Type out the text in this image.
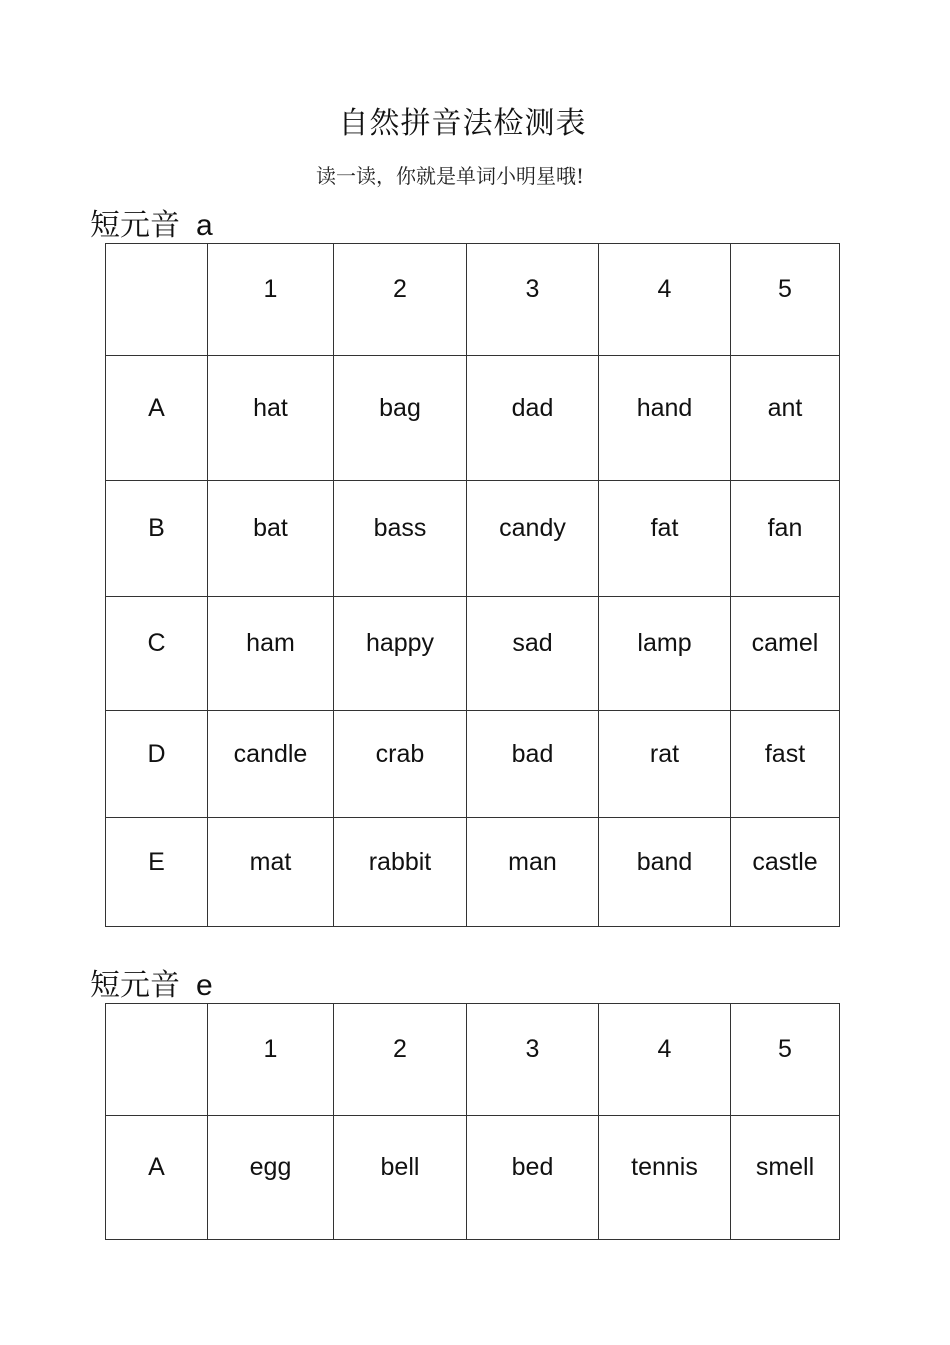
自然拼音法检测表
读一读，你就是单词小明星哦!
短元音 a
	1	2	3	4	5
A	hat	bag	dad	hand	ant
B	bat	bass	candy	fat	fan
C	ham	happy	sad	lamp	camel
D	candle	crab	bad	rat	fast
E	mat	rabbit	man	band	castle
短元音 e
	1	2	3	4	5
A	egg	bell	bed	tennis	smell
